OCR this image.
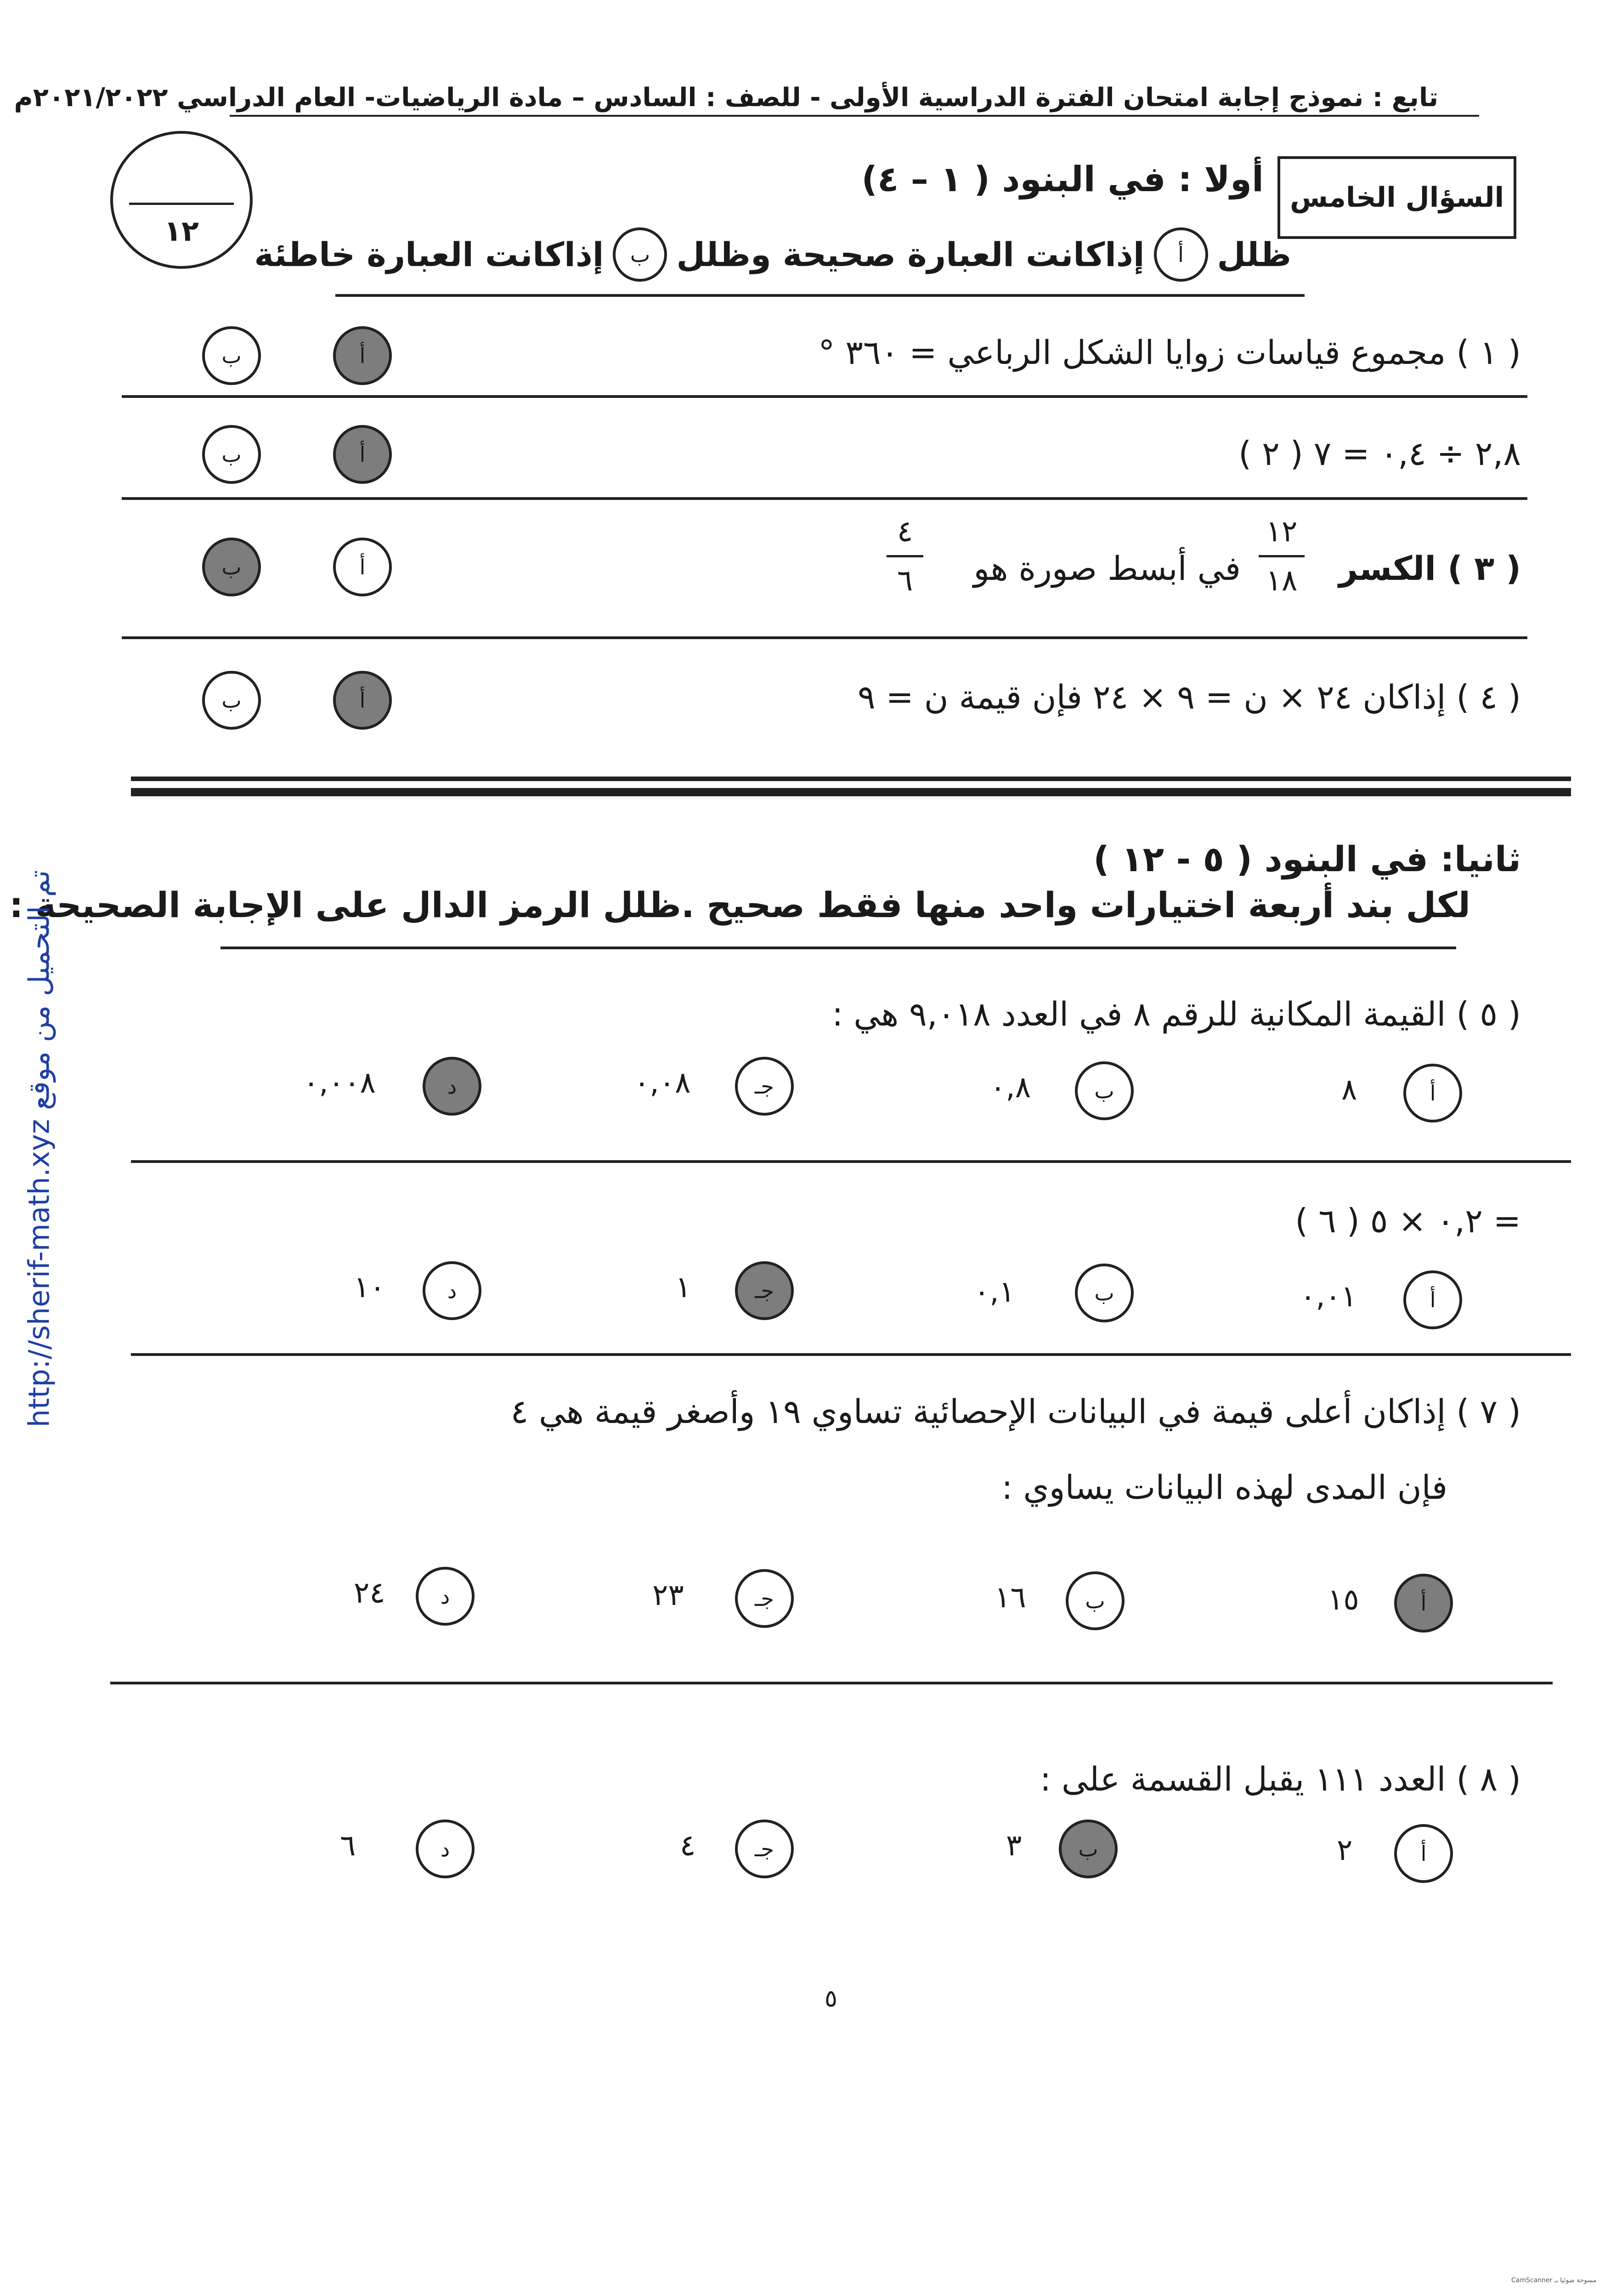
تابع : نموذج إجابة امتحان الفترة الدراسية الأولى - للصف : السادس – مادة الرياضيات- العام الدراسي ٢٠٢١/٢٠٢٢م
١٢
السؤال الخامس
أولا : في البنود ( ١ – ٤)
ظلل
أ
إذاكانت العبارة صحيحة وظلل
ب
إذاكانت العبارة خاطئة
( ١ ) مجموع قياسات زوايا الشكل الرباعي = ٣٦٠ °
أ
ب
( ٢ ) ٢,٨ ÷ ٠,٤ = ٧
أ
ب
( ٣ ) الكسر
١٢
١٨
في أبسط صورة هو
٤
٦
أ
ب
( ٤ ) إذاكان ٢٤ × ن = ٩ × ٢٤ فإن قيمة ن = ٩
أ
ب
ثانيا: في البنود ( ٥ - ١٢ )
لكل بند أربعة اختيارات واحد منها فقط صحيح .ظلل الرمز الدال على الإجابة الصحيحة :
( ٥ ) القيمة المكانية للرقم ٨ في العدد ٩,٠١٨ هي :
أ
٨
ب
٠,٨
جـ
٠,٠٨
د
٠,٠٠٨
( ٦ ) ٠,٢ × ٥ =
أ
٠,٠١
ب
٠,١
جـ
١
د
١٠
( ٧ ) إذاكان أعلى قيمة في البيانات الإحصائية تساوي ١٩ وأصغر قيمة هي ٤
فإن المدى لهذه البيانات يساوي :
أ
١٥
ب
١٦
جـ
٢٣
د
٢٤
( ٨ ) العدد ١١١ يقبل القسمة على :
أ
٢
ب
٣
جـ
٤
د
٦
٥
http://sherif-math.xyz تم التحميل من موقع
CamScanner مسوحة ضوئيا بـ
